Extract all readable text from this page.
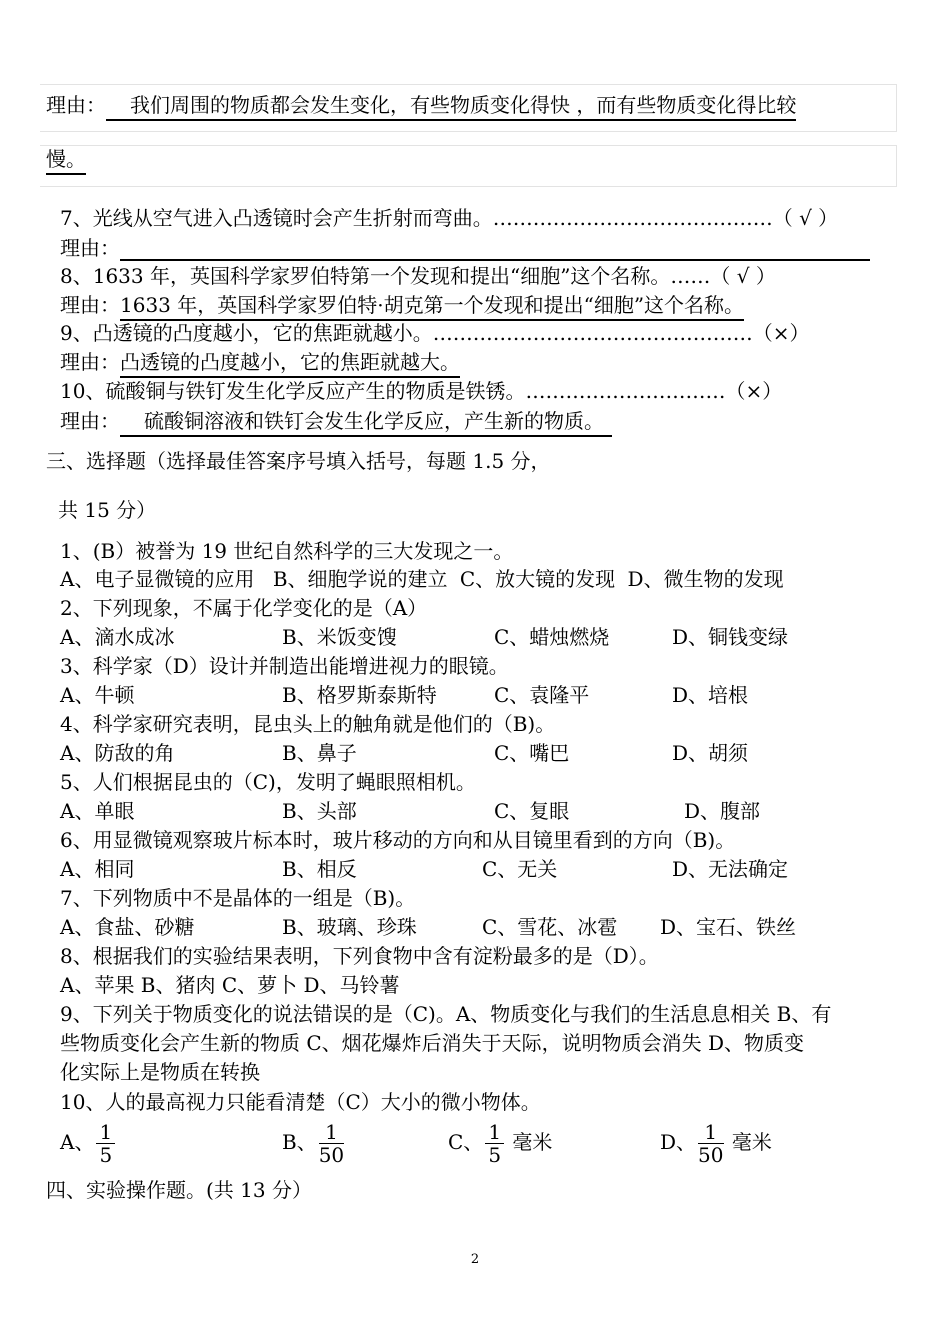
理由： 我们周围的物质都会发生变化，有些物质变化得快 ，而有些物质变化得比较
慢。
7、光线从空气进入凸透镜时会产生折射而弯曲。……………………………………（ √ ）
理由：
8、1633 年，英国科学家罗伯特第一个发现和提出“细胞”这个名称。……（ √ ）
理由：1633 年，英国科学家罗伯特·胡克第一个发现和提出“细胞”这个名称。
9、凸透镜的凸度越小，它的焦距就越小。…………………………………………（×）
理由：凸透镜的凸度越小，它的焦距就越大。
10、硫酸铜与铁钉发生化学反应产生的物质是铁锈。…………………………（×）
理由： 硫酸铜溶液和铁钉会发生化学反应，产生新的物质。
三、选择题（选择最佳答案序号填入括号，每题 1.5 分，
共 15 分）
1、(B）被誉为 19 世纪自然科学的三大发现之一。
A、电子显微镜的应用 B、细胞学说的建立 C、放大镜的发现 D、微生物的发现
2、下列现象，不属于化学变化的是（A）
A、滴水成冰	B、米饭变馊	C、蜡烛燃烧	D、铜钱变绿
3、科学家（D）设计并制造出能增进视力的眼镜。
A、牛顿	B、格罗斯泰斯特	C、袁隆平	D、培根
4、科学家研究表明，昆虫头上的触角就是他们的（B)。
A、防敌的角	B、鼻子	C、嘴巴	D、胡须
5、人们根据昆虫的（C)，发明了蝇眼照相机。
A、单眼	B、头部	C、复眼	D、腹部
6、用显微镜观察玻片标本时，玻片移动的方向和从目镜里看到的方向（B)。
A、相同	B、相反	C、无关	D、无法确定
7、下列物质中不是晶体的一组是（B)。
A、食盐、砂糖	B、玻璃、珍珠	C、雪花、冰雹 D、宝石、铁丝
8、根据我们的实验结果表明，下列食物中含有淀粉最多的是（D）。
A、苹果 B、猪肉 C、萝卜 D、马铃薯
9、下列关于物质变化的说法错误的是（C)。A、物质变化与我们的生活息息相关 B、有
些物质变化会产生新的物质 C、烟花爆炸后消失于天际，说明物质会消失 D、物质变
化实际上是物质在转换
10、人的最高视力只能看清楚（C）大小的微小物体。
A、 $\frac{1}{5}$	B、 $\frac{1}{50}$	C、 $\frac{1}{5}$ 毫米	D、 $\frac{1}{50}$ 毫米
四、实验操作题。(共 13 分）
2
